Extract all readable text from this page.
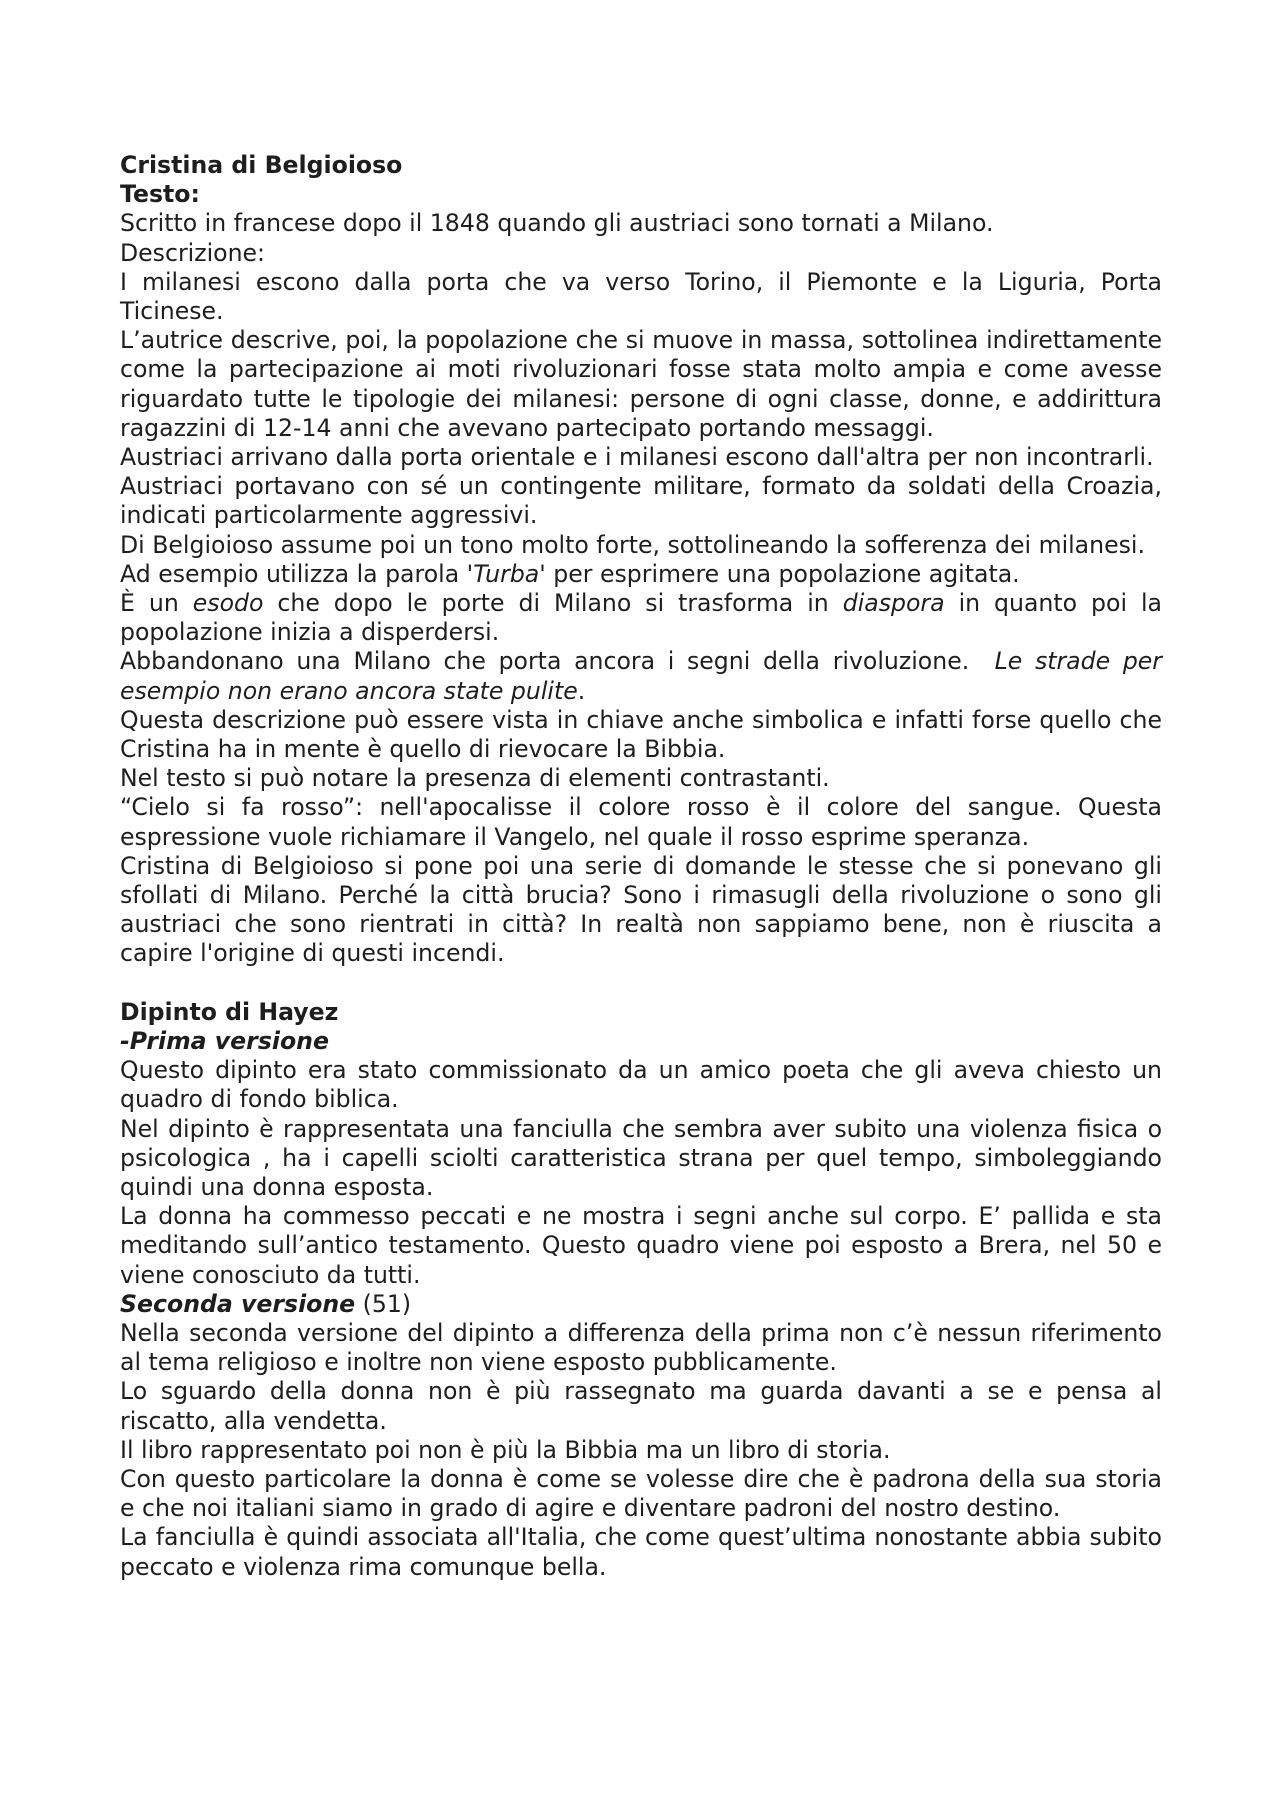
Cristina di Belgioioso
Testo:
Scritto in francese dopo il 1848 quando gli austriaci sono tornati a Milano.
Descrizione:
I milanesi escono dalla porta che va verso Torino, il Piemonte e la Liguria, Porta Ticinese.
L’autrice descrive, poi, la popolazione che si muove in massa, sottolinea indirettamente come la partecipazione ai moti rivoluzionari fosse stata molto ampia e come avesse riguardato tutte le tipologie dei milanesi: persone di ogni classe, donne, e addirittura ragazzini di 12-14 anni che avevano partecipato portando messaggi.
Austriaci arrivano dalla porta orientale e i milanesi escono dall'altra per non incontrarli.
Austriaci portavano con sé un contingente militare, formato da soldati della Croazia, indicati particolarmente aggressivi.
Di Belgioioso assume poi un tono molto forte, sottolineando la sofferenza dei milanesi.
Ad esempio utilizza la parola 'Turba' per esprimere una popolazione agitata.
È un esodo che dopo le porte di Milano si trasforma in diaspora in quanto poi la popolazione inizia a disperdersi.
Abbandonano una Milano che porta ancora i segni della rivoluzione.  Le strade per esempio non erano ancora state pulite.
Questa descrizione può essere vista in chiave anche simbolica e infatti forse quello che Cristina ha in mente è quello di rievocare la Bibbia.
Nel testo si può notare la presenza di elementi contrastanti.
“Cielo si fa rosso”: nell'apocalisse il colore rosso è il colore del sangue. Questa espressione vuole richiamare il Vangelo, nel quale il rosso esprime speranza.
Cristina di Belgioioso si pone poi una serie di domande le stesse che si ponevano gli sfollati di Milano. Perché la città brucia? Sono i rimasugli della rivoluzione o sono gli austriaci che sono rientrati in città? In realtà non sappiamo bene, non è riuscita a capire l'origine di questi incendi.
Dipinto di Hayez
-Prima versione
Questo dipinto era stato commissionato da un amico poeta che gli aveva chiesto un quadro di fondo biblica.
Nel dipinto è rappresentata una fanciulla che sembra aver subito una violenza fisica o psicologica , ha i capelli sciolti caratteristica strana per quel tempo, simboleggiando quindi una donna esposta.
La donna ha commesso peccati e ne mostra i segni anche sul corpo. E’ pallida e sta meditando sull’antico testamento. Questo quadro viene poi esposto a Brera, nel 50 e viene conosciuto da tutti.
Seconda versione (51)
Nella seconda versione del dipinto a differenza della prima non c’è nessun riferimento al tema religioso e inoltre non viene esposto pubblicamente.
Lo sguardo della donna non è più rassegnato ma guarda davanti a se e pensa al riscatto, alla vendetta.
Il libro rappresentato poi non è più la Bibbia ma un libro di storia.
Con questo particolare la donna è come se volesse dire che è padrona della sua storia e che noi italiani siamo in grado di agire e diventare padroni del nostro destino.
La fanciulla è quindi associata all'Italia, che come quest’ultima nonostante abbia subito peccato e violenza rima comunque bella.
